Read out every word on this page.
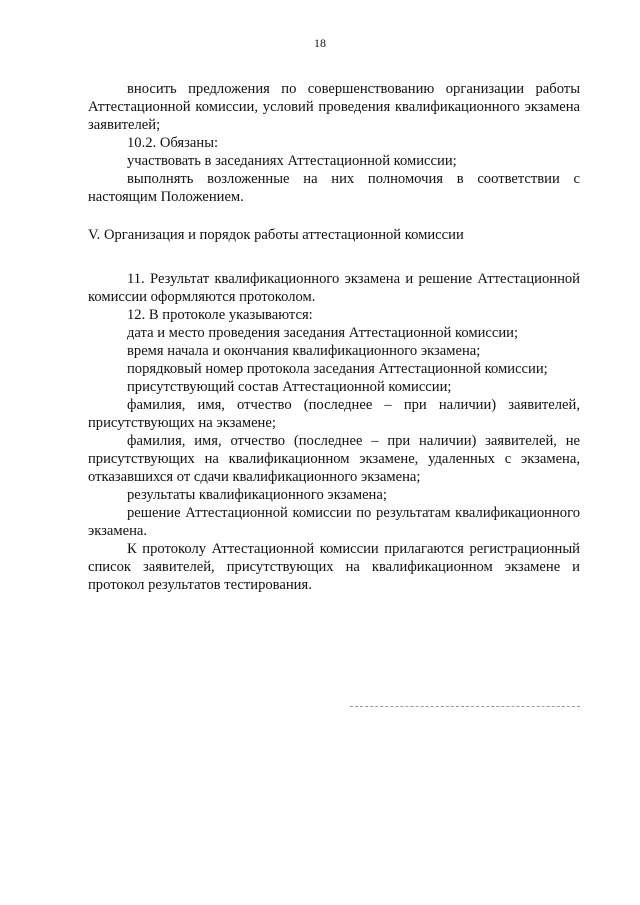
18

вносить предложения по совершенствованию организации работы Аттестационной комиссии, условий проведения квалификационного экзамена заявителей;

10.2. Обязаны:

участвовать в заседаниях Аттестационной комиссии;

выполнять возложенные на них полномочия в соответствии с настоящим Положением.

V. Организация и порядок работы аттестационной комиссии

11. Результат квалификационного экзамена и решение Аттестационной комиссии оформляются протоколом.

12. В протоколе указываются:

дата и место проведения заседания Аттестационной комиссии;

время начала и окончания квалификационного экзамена;

порядковый номер протокола заседания Аттестационной комиссии;

присутствующий состав Аттестационной комиссии;

фамилия, имя, отчество (последнее – при наличии) заявителей, присутствующих на экзамене;

фамилия, имя, отчество (последнее – при наличии) заявителей, не присутствующих на квалификационном экзамене, удаленных с экзамена, отказавшихся от сдачи квалификационного экзамена;

результаты квалификационного экзамена;

решение Аттестационной комиссии по результатам квалификационного экзамена.

К протоколу Аттестационной комиссии прилагаются регистрационный список заявителей, присутствующих на квалификационном экзамене и протокол результатов тестирования.
